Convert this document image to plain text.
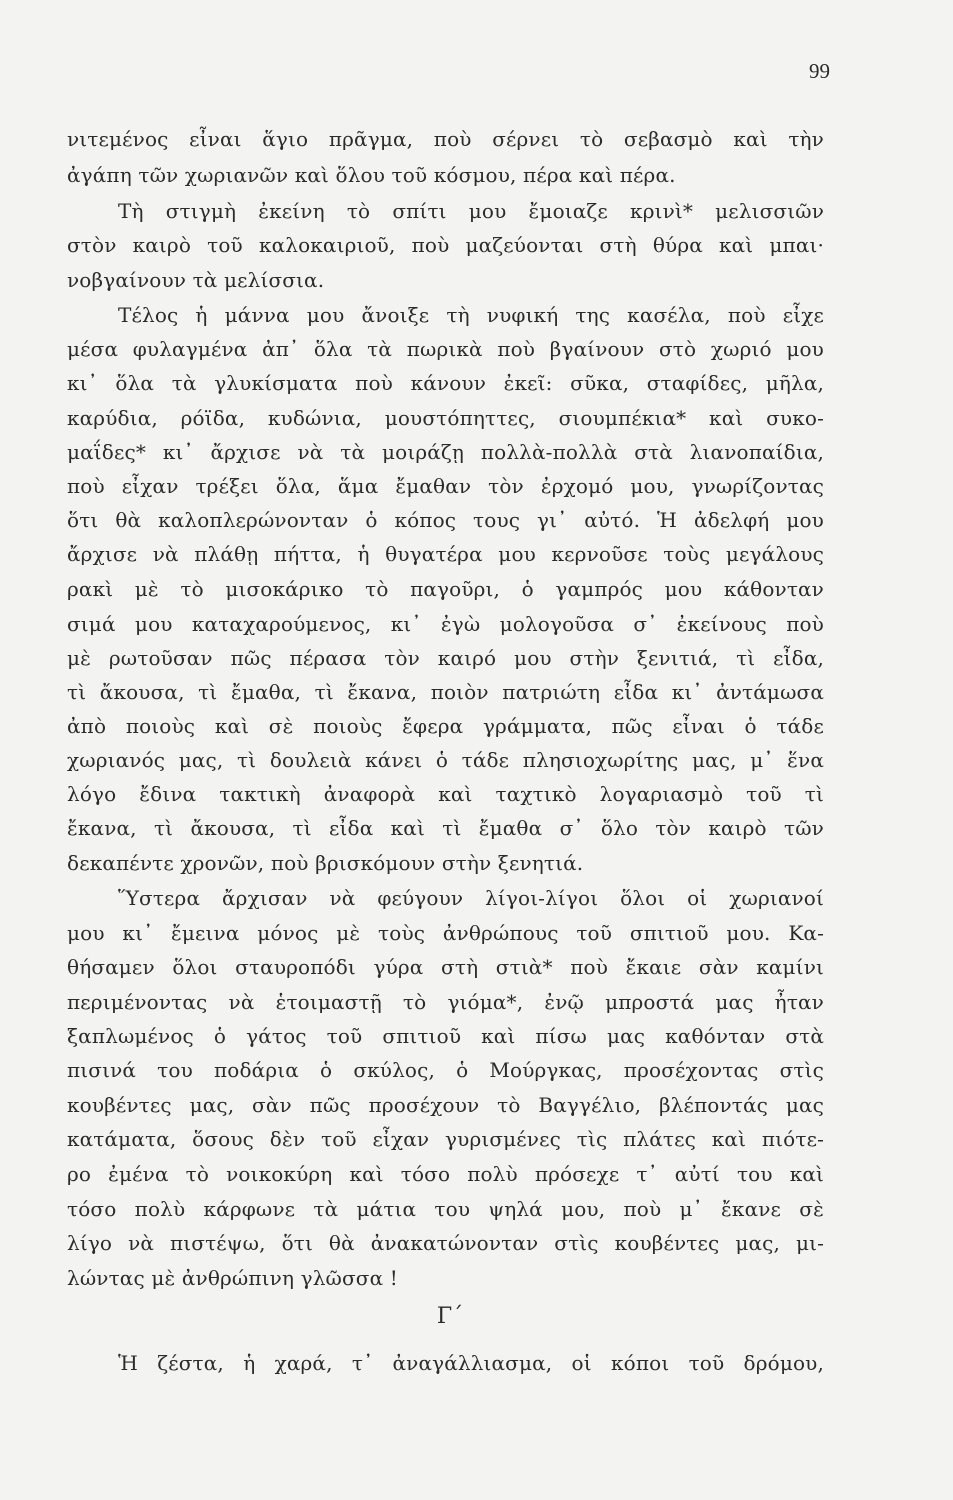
99
νιτεμένος εἶναι ἅγιο πρᾶγμα, ποὺ σέρνει τὸ σεβασμὸ καὶ τὴν
ἀγάπη τῶν χωριανῶν καὶ ὅλου τοῦ κόσμου, πέρα καὶ πέρα.
Τὴ στιγμὴ ἐκείνη τὸ σπίτι μου ἔμοιαζε κρινὶ* μελισσιῶν
στὸν καιρὸ τοῦ καλοκαιριοῦ, ποὺ μαζεύονται στὴ θύρα καὶ μπαι·
νοβγαίνουν τὰ μελίσσια.
Τέλος ἡ μάννα μου ἄνοιξε τὴ νυφική της κασέλα, ποὺ εἶχε
μέσα φυλαγμένα ἀπ᾿ ὅλα τὰ πωρικὰ ποὺ βγαίνουν στὸ χωριό μου
κι᾿ ὅλα τὰ γλυκίσματα ποὺ κάνουν ἐκεῖ: σῦκα, σταφίδες, μῆλα,
καρύδια, ρόϊδα, κυδώνια, μουστόπηττες, σιουμπέκια* καὶ συκο-
μαΐδες* κι᾿ ἄρχισε νὰ τὰ μοιράζῃ πολλὰ-πολλὰ στὰ λιανοπαίδια,
ποὺ εἶχαν τρέξει ὅλα, ἅμα ἔμαθαν τὸν ἐρχομό μου, γνωρίζοντας
ὅτι θὰ καλοπλερώνονταν ὁ κόπος τους γι᾿ αὐτό. Ἡ ἀδελφή μου
ἄρχισε νὰ πλάθῃ πήττα, ἡ θυγατέρα μου κερνοῦσε τοὺς μεγάλους
ρακὶ μὲ τὸ μισοκάρικο τὸ παγοῦρι, ὁ γαμπρός μου κάθονταν
σιμά μου καταχαρούμενος, κι᾿ ἐγὼ μολογοῦσα σ᾿ ἐκείνους ποὺ
μὲ ρωτοῦσαν πῶς πέρασα τὸν καιρό μου στὴν ξενιτιά, τὶ εἶδα,
τὶ ἄκουσα, τὶ ἔμαθα, τὶ ἔκανα, ποιὸν πατριώτη εἶδα κι᾿ ἀντάμωσα
ἀπὸ ποιοὺς καὶ σὲ ποιοὺς ἔφερα γράμματα, πῶς εἶναι ὁ τάδε
χωριανός μας, τὶ δουλειὰ κάνει ὁ τάδε πλησιοχωρίτης μας, μ᾿ ἕνα
λόγο ἔδινα τακτικὴ ἀναφορὰ καὶ ταχτικὸ λογαριασμὸ τοῦ τὶ
ἔκανα, τὶ ἄκουσα, τὶ εἶδα καὶ τὶ ἔμαθα σ᾿ ὅλο τὸν καιρὸ τῶν
δεκαπέντε χρονῶν, ποὺ βρισκόμουν στὴν ξενητιά.
Ὕστερα ἄρχισαν νὰ φεύγουν λίγοι-λίγοι ὅλοι οἱ χωριανοί
μου κι᾿ ἔμεινα μόνος μὲ τοὺς ἀνθρώπους τοῦ σπιτιοῦ μου. Κα-
θήσαμεν ὅλοι σταυροπόδι γύρα στὴ στιὰ* ποὺ ἔκαιε σὰν καμίνι
περιμένοντας νὰ ἑτοιμαστῇ τὸ γιόμα*, ἐνῷ μπροστά μας ἦταν
ξαπλωμένος ὁ γάτος τοῦ σπιτιοῦ καὶ πίσω μας καθόνταν στὰ
πισινά του ποδάρια ὁ σκύλος, ὁ Μούργκας, προσέχοντας στὶς
κουβέντες μας, σὰν πῶς προσέχουν τὸ Βαγγέλιο, βλέποντάς μας
κατάματα, ὅσους δὲν τοῦ εἶχαν γυρισμένες τὶς πλάτες καὶ πιότε-
ρο ἐμένα τὸ νοικοκύρη καὶ τόσο πολὺ πρόσεχε τ᾿ αὐτί του καὶ
τόσο πολὺ κάρφωνε τὰ μάτια του ψηλά μου, ποὺ μ᾿ ἔκανε σὲ
λίγο νὰ πιστέψω, ὅτι θὰ ἀνακατώνονταν στὶς κουβέντες μας, μι-
λώντας μὲ ἀνθρώπινη γλῶσσα !
Γ´
Ἡ ζέστα, ἡ χαρά, τ᾿ ἀναγάλλιασμα, οἱ κόποι τοῦ δρόμου,
